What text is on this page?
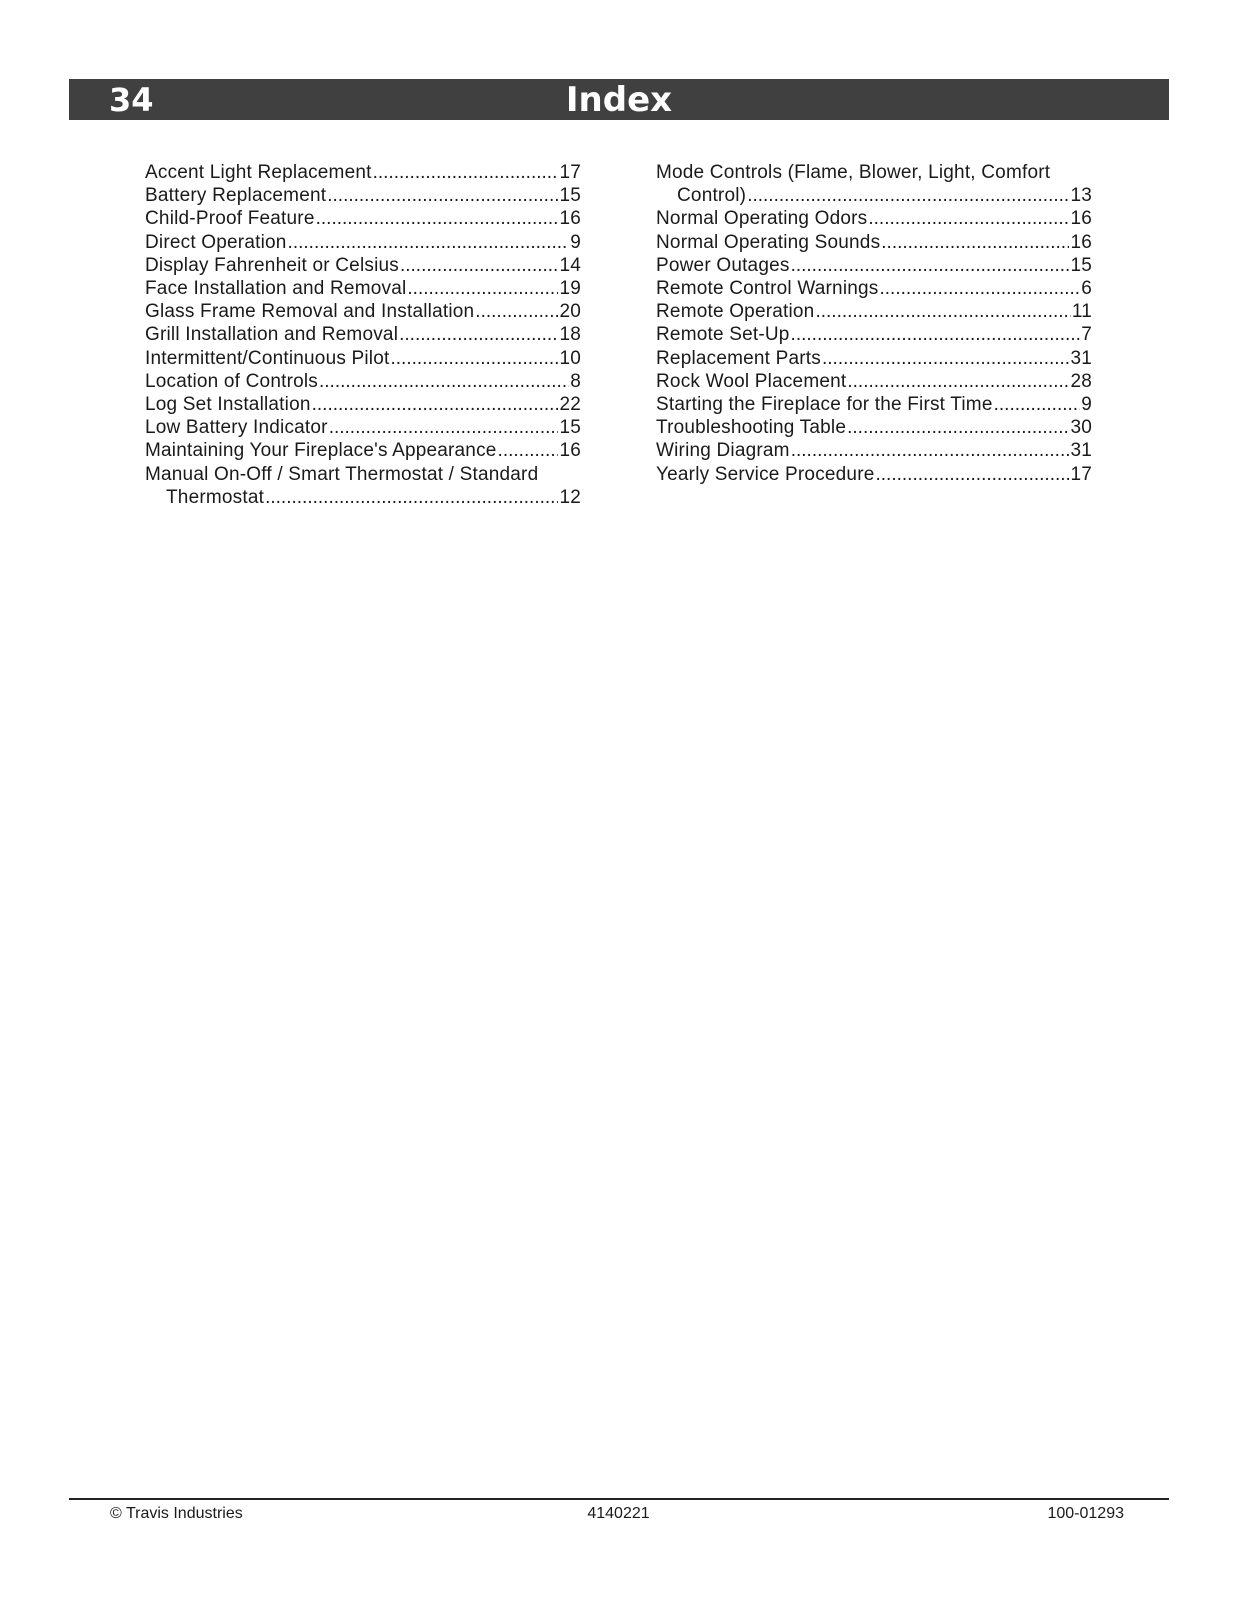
34	Index
Accent Light Replacement .....	17
Battery Replacement .....	15
Child-Proof Feature .....	16
Direct Operation .....	9
Display Fahrenheit or Celsius .....	14
Face Installation and Removal .....	19
Glass Frame Removal and Installation .....	20
Grill Installation and Removal .....	18
Intermittent/Continuous Pilot .....	10
Location of Controls .....	8
Log Set Installation .....	22
Low Battery Indicator .....	15
Maintaining Your Fireplace's Appearance .....	16
Manual On-Off / Smart Thermostat / Standard
Thermostat .....	12
Mode Controls (Flame, Blower, Light, Comfort
Control) .....	13
Normal Operating Odors .....	16
Normal Operating Sounds .....	16
Power Outages .....	15
Remote Control Warnings .....	6
Remote Operation .....	11
Remote Set-Up .....	7
Replacement Parts .....	31
Rock Wool Placement .....	28
Starting the Fireplace for the First Time .....	9
Troubleshooting Table .....	30
Wiring Diagram .....	31
Yearly Service Procedure .....	17
© Travis Industries	4140221	100-01293
